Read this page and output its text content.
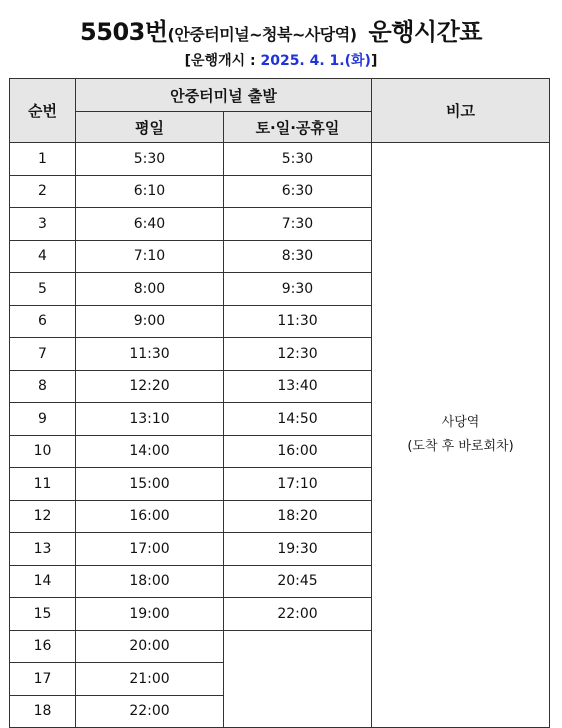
5503번(안중터미널~청북~사당역) 운행시간표
[운행개시 : 2025. 4. 1.(화)]
순번	안중터미널 출발		비고
	평일	토·일·공휴일	
1	5:30	5:30	사당역
(도착 후 바로회차)

2	6:10	6:30	
3	6:40	7:30	
4	7:10	8:30	
5	8:00	9:30	
6	9:00	11:30	
7	11:30	12:30	
8	12:20	13:40	
9	13:10	14:50	
10	14:00	16:00	
11	15:00	17:10	
12	16:00	18:20	
13	17:00	19:30	
14	18:00	20:45	
15	19:00	22:00	
16	20:00		
17	21:00		
18	22:00		
